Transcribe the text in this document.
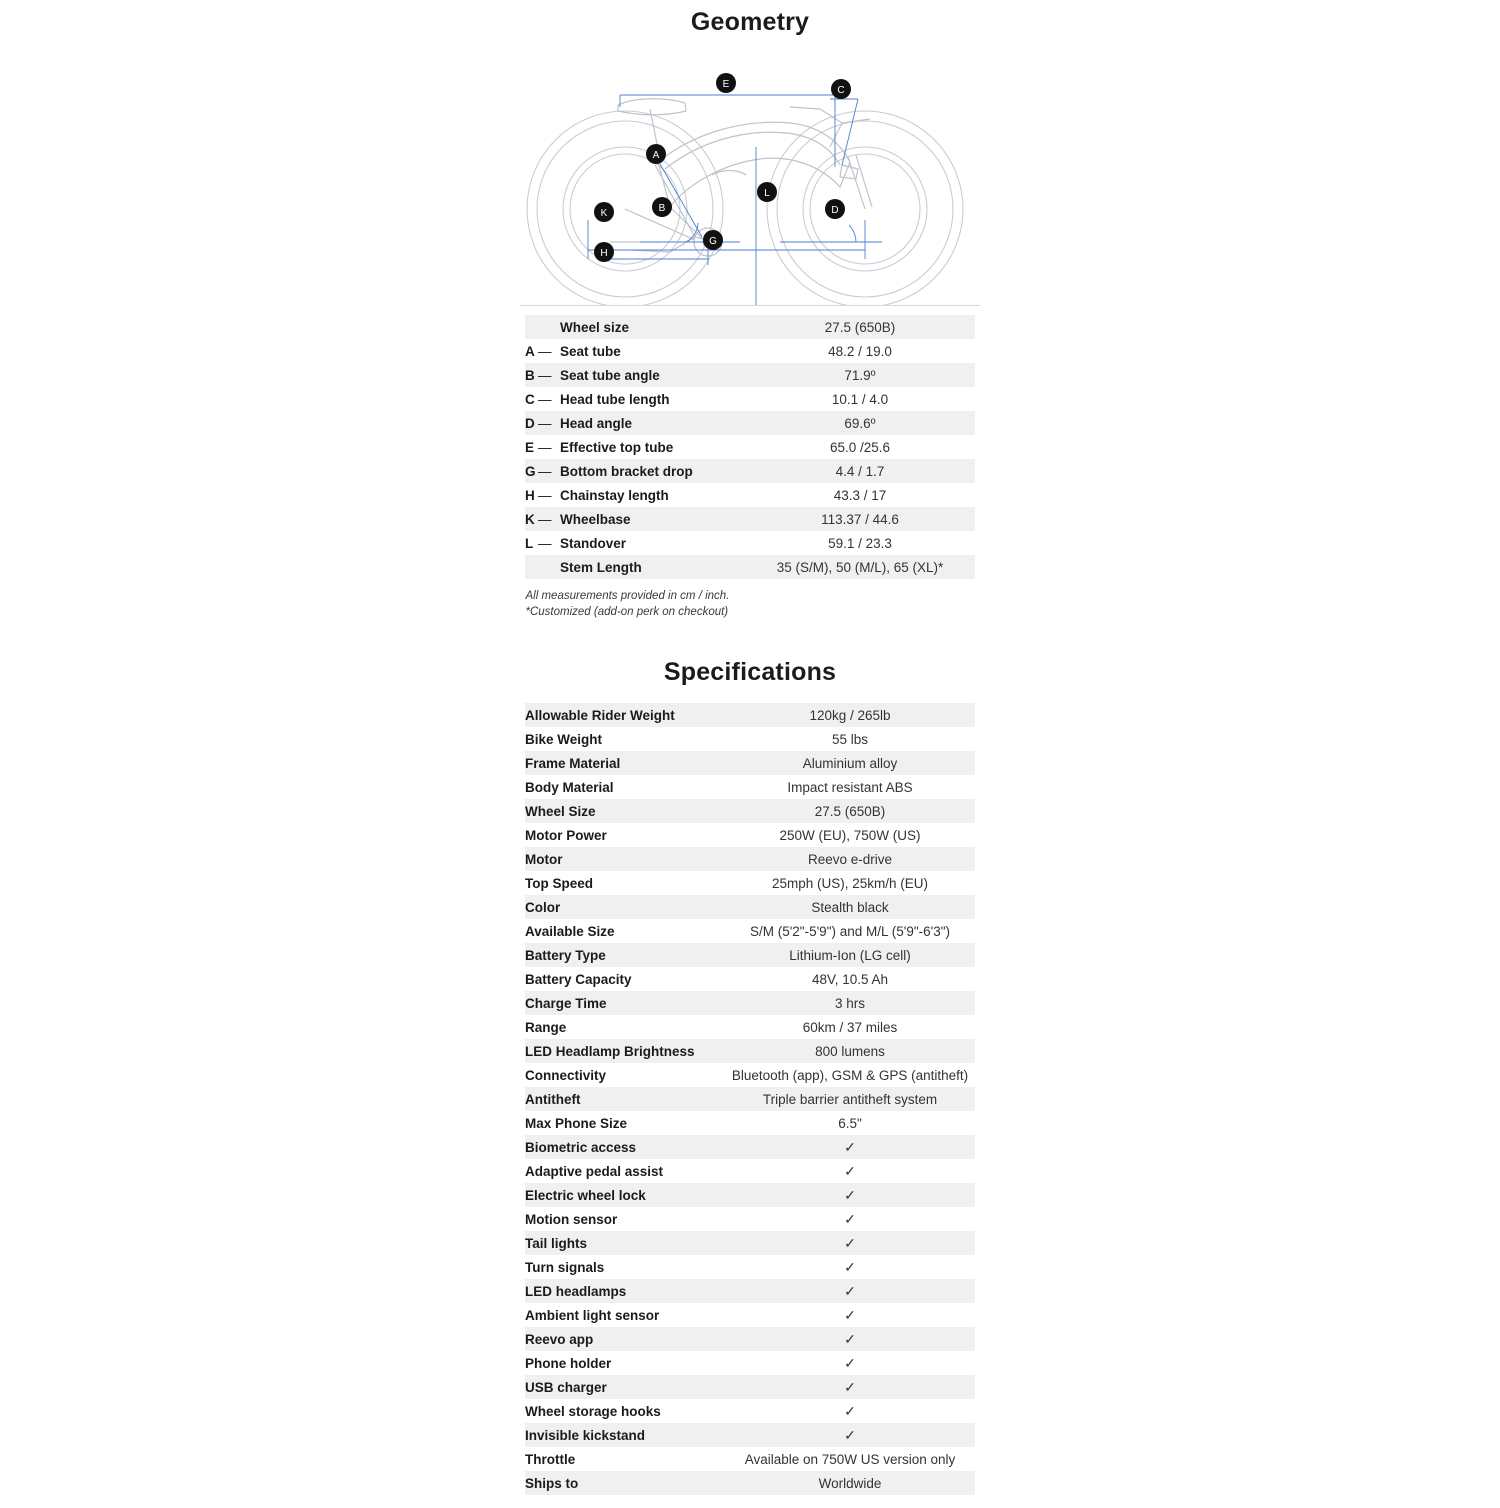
Geometry
E
C
A
K	B
L
D
H
G
Wheel size	27.5 (650B)
A — Seat tube	48.2 / 19.0
B — Seat tube angle	71.9º
C — Head tube length	10.1 / 4.0
D — Head angle	69.6º
E — Effective top tube	65.0 /25.6
G — Bottom bracket drop	4.4 / 1.7
H — Chainstay length	43.3 / 17
K — Wheelbase	113.37 / 44.6
L — Standover	59.1 / 23.3
Stem Length	35 (S/M), 50 (M/L), 65 (XL)*
All measurements provided in cm / inch.
*Customized (add-on perk on checkout)
Specifications
Allowable Rider Weight	120kg / 265lb
Bike Weight	55 lbs
Frame Material	Aluminium alloy
Body Material	Impact resistant ABS
Wheel Size	27.5 (650B)
Motor Power	250W (EU), 750W (US)
Motor	Reevo e-drive
Top Speed	25mph (US), 25km/h (EU)
Color	Stealth black
Available Size	S/M (5'2"-5'9") and M/L (5'9"-6'3")
Battery Type	Lithium-Ion (LG cell)
Battery Capacity	48V, 10.5 Ah
Charge Time	3 hrs
Range	60km / 37 miles
LED Headlamp Brightness	800 lumens
Connectivity	Bluetooth (app), GSM & GPS (antitheft)
Antitheft	Triple barrier antitheft system
Max Phone Size	6.5"
Biometric access	✓
Adaptive pedal assist	✓
Electric wheel lock	✓
Motion sensor	✓
Tail lights	✓
Turn signals	✓
LED headlamps	✓
Ambient light sensor	✓
Reevo app	✓
Phone holder	✓
USB charger	✓
Wheel storage hooks	✓
Invisible kickstand	✓
Throttle	Available on 750W US version only
Ships to	Worldwide
